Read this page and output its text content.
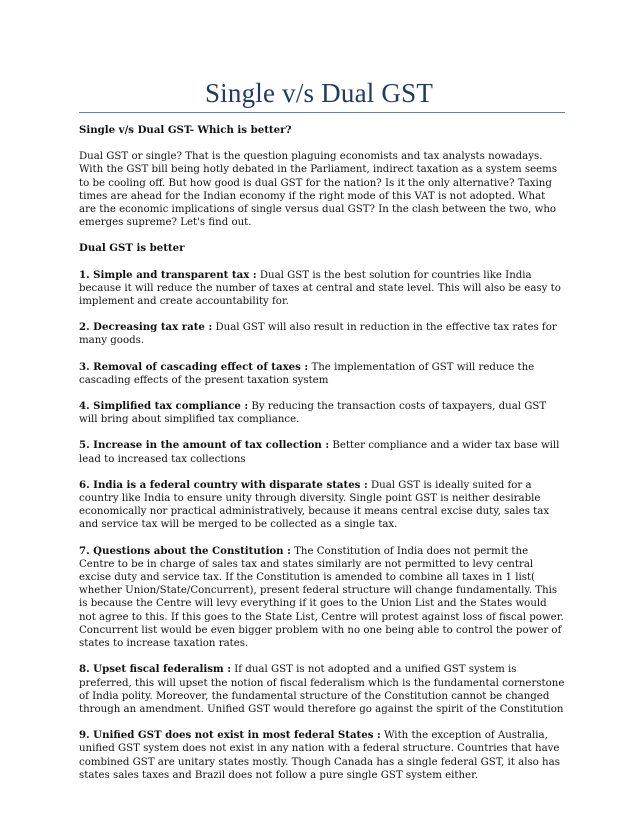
Single v/s Dual GST

Single v/s Dual GST- Which is better?

Dual GST or single? That is the question plaguing economists and tax analysts nowadays. With the GST bill being hotly debated in the Parliament, indirect taxation as a system seems to be cooling off. But how good is dual GST for the nation? Is it the only alternative? Taxing times are ahead for the Indian economy if the right mode of this VAT is not adopted. What are the economic implications of single versus dual GST? In the clash between the two, who emerges supreme? Let's find out.

Dual GST is better

1. Simple and transparent tax : Dual GST is the best solution for countries like India because it will reduce the number of taxes at central and state level. This will also be easy to implement and create accountability for.

2. Decreasing tax rate : Dual GST will also result in reduction in the effective tax rates for many goods.

3. Removal of cascading effect of taxes : The implementation of GST will reduce the cascading effects of the present taxation system

4. Simplified tax compliance : By reducing the transaction costs of taxpayers, dual GST will bring about simplified tax compliance.

5. Increase in the amount of tax collection : Better compliance and a wider tax base will lead to increased tax collections

6. India is a federal country with disparate states : Dual GST is ideally suited for a country like India to ensure unity through diversity. Single point GST is neither desirable economically nor practical administratively, because it means central excise duty, sales tax and service tax will be merged to be collected as a single tax.

7. Questions about the Constitution : The Constitution of India does not permit the Centre to be in charge of sales tax and states similarly are not permitted to levy central excise duty and service tax. If the Constitution is amended to combine all taxes in 1 list( whether Union/State/Concurrent), present federal structure will change fundamentally. This is because the Centre will levy everything if it goes to the Union List and the States would not agree to this. If this goes to the State List, Centre will protest against loss of fiscal power. Concurrent list would be even bigger problem with no one being able to control the power of states to increase taxation rates.

8. Upset fiscal federalism : If dual GST is not adopted and a unified GST system is preferred, this will upset the notion of fiscal federalism which is the fundamental cornerstone of India polity. Moreover, the fundamental structure of the Constitution cannot be changed through an amendment. Unified GST would therefore go against the spirit of the Constitution

9. Unified GST does not exist in most federal States : With the exception of Australia, unified GST system does not exist in any nation with a federal structure. Countries that have combined GST are unitary states mostly. Though Canada has a single federal GST, it also has states sales taxes and Brazil does not follow a pure single GST system either.
